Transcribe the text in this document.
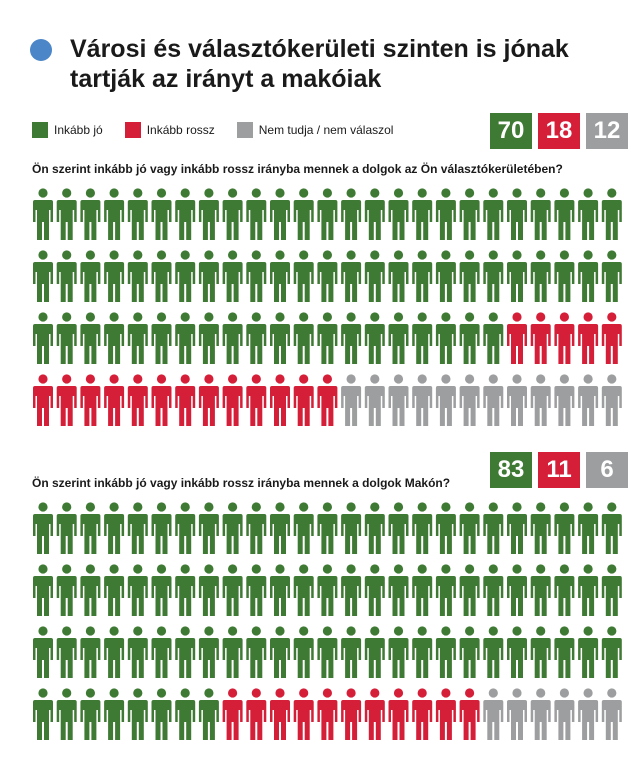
Városi és választókerületi szinten is jónak tartják az irányt a makóiak
Inkább jó	Inkább rossz	Nem tudja / nem válaszol	70 18 12
Ön szerint inkább jó vagy inkább rossz irányba mennek a dolgok az Ön választókerületében?
83 11	6
Ön szerint inkább jó vagy inkább rossz irányba mennek a dolgok Makón?
